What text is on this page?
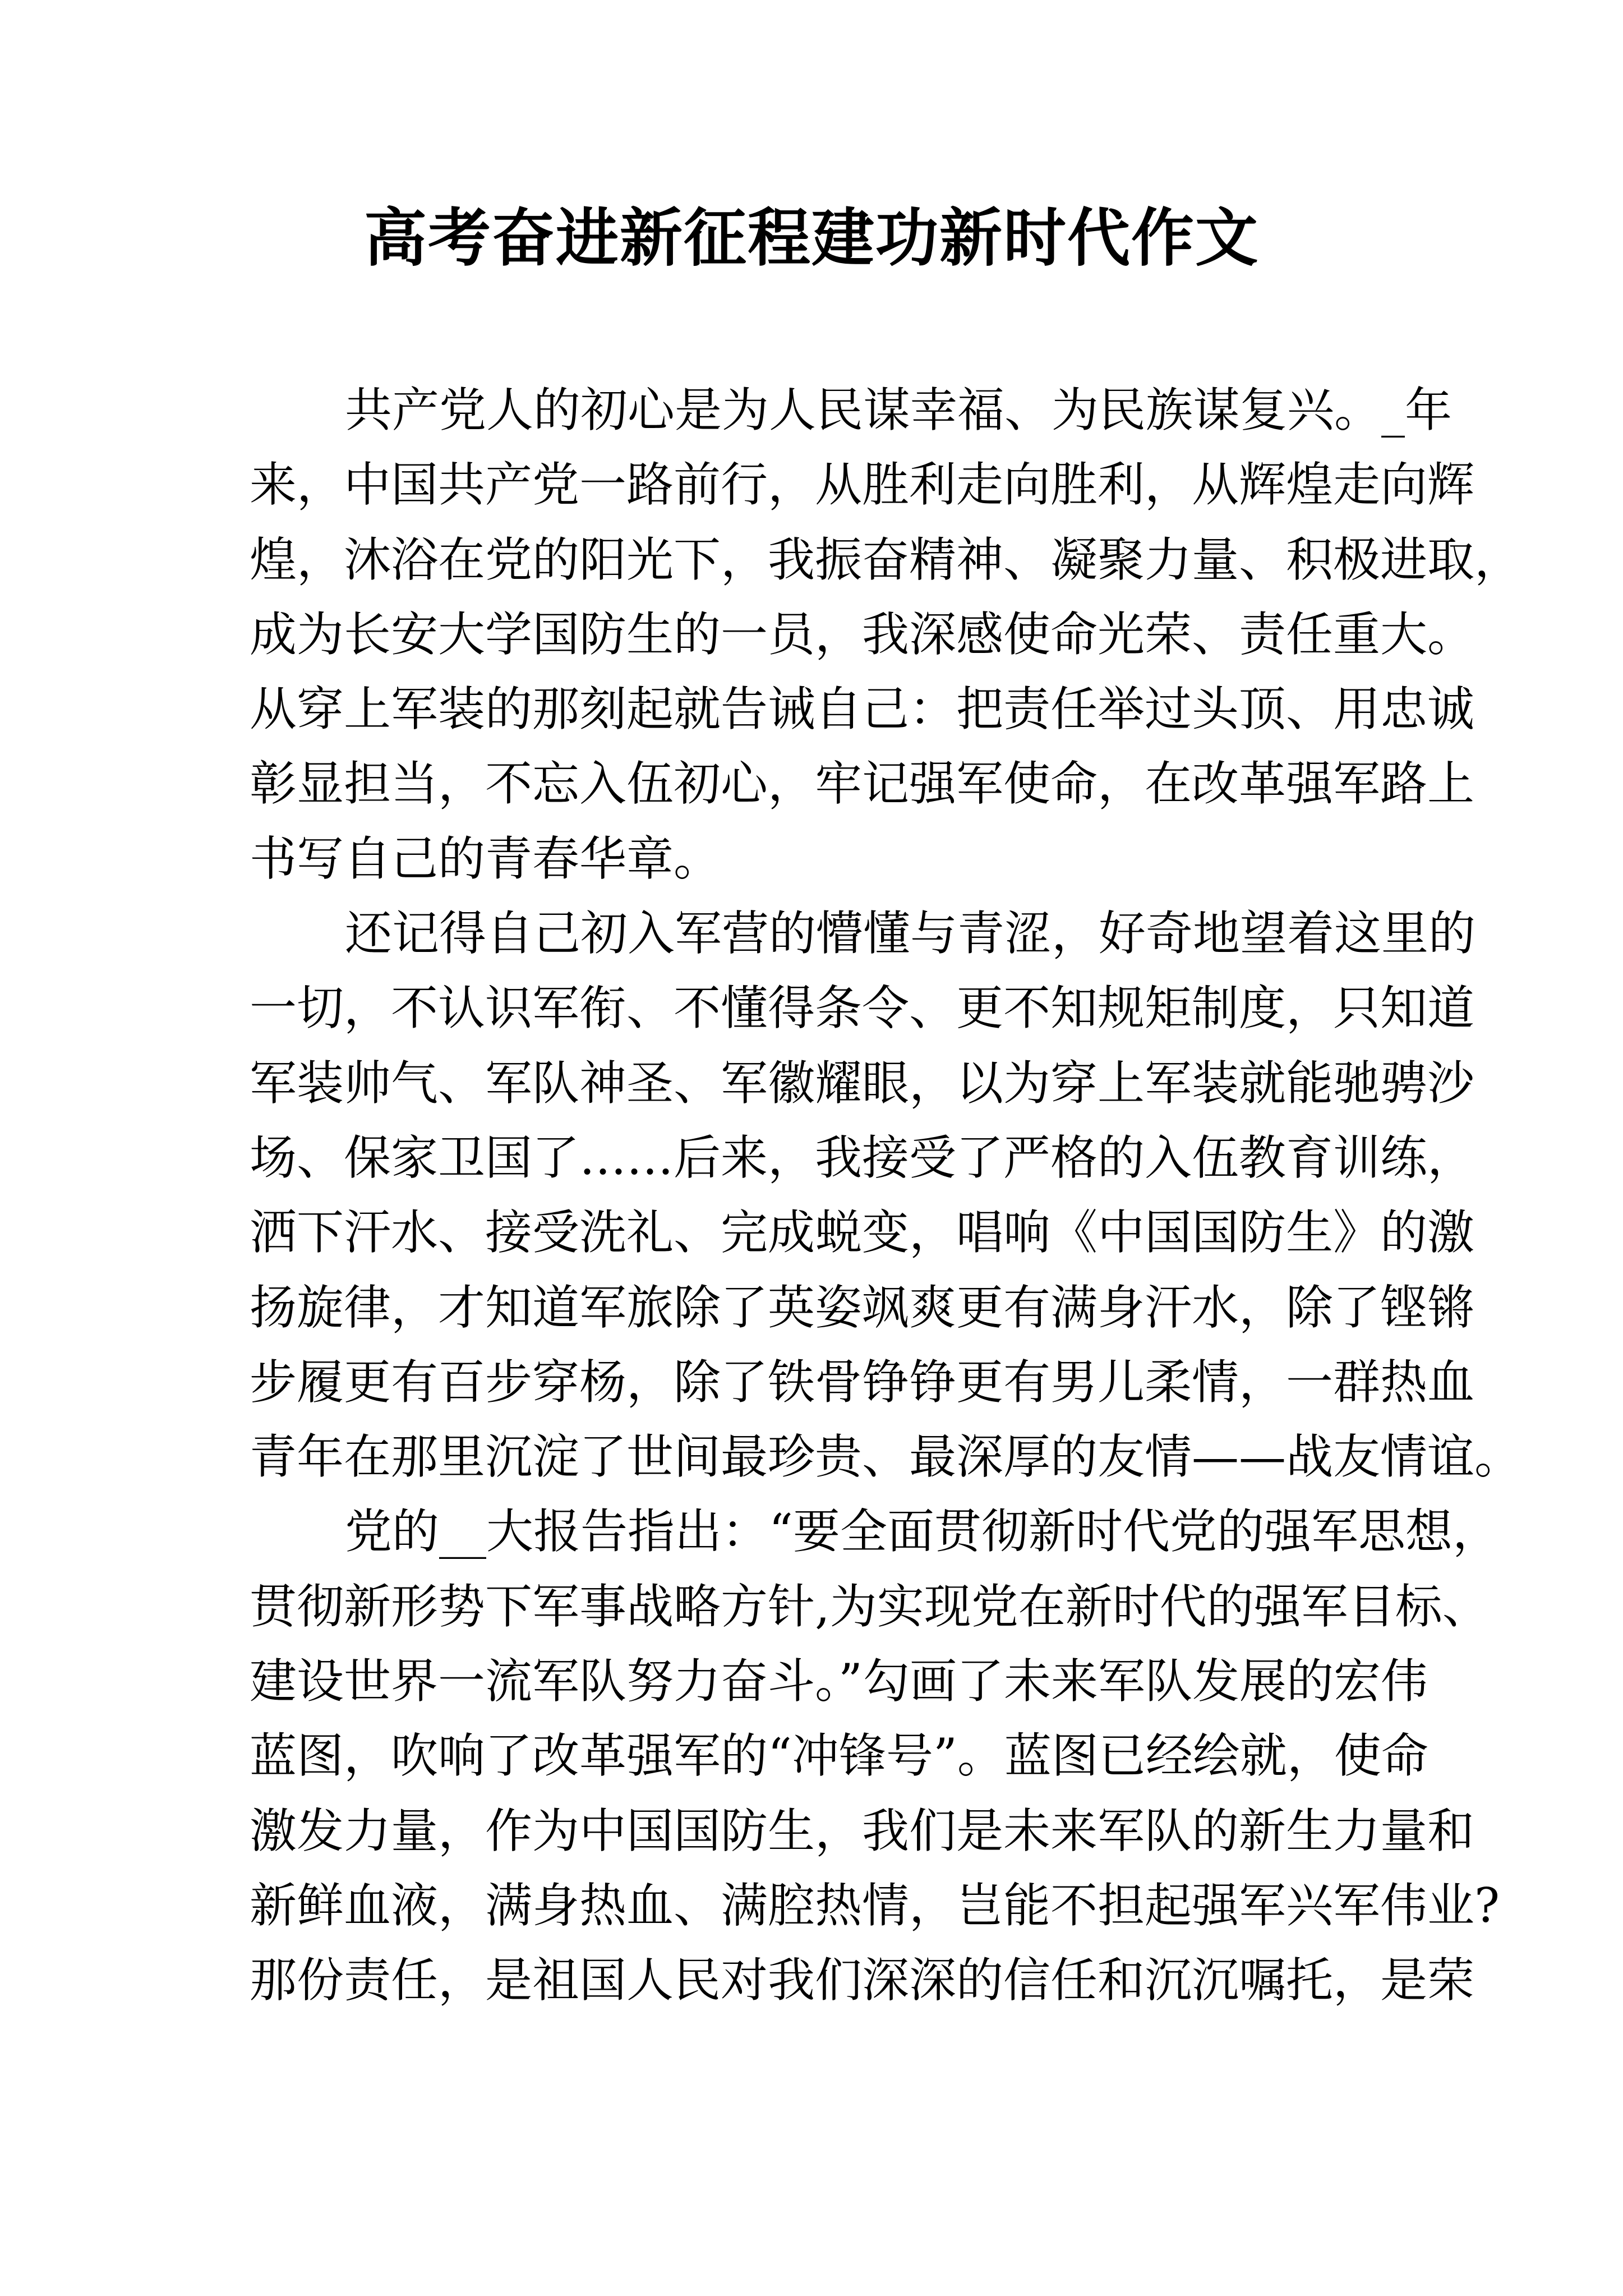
高考奋进新征程建功新时代作文
共产党人的初心是为人民谋幸福、为民族谋复兴。_年
来，中国共产党一路前行，从胜利走向胜利，从辉煌走向辉
煌，沐浴在党的阳光下，我振奋精神、凝聚力量、积极进取，
成为长安大学国防生的一员，我深感使命光荣、责任重大。
从穿上军装的那刻起就告诫自己：把责任举过头顶、用忠诚
彰显担当，不忘入伍初心，牢记强军使命，在改革强军路上
书写自己的青春华章。
还记得自己初入军营的懵懂与青涩，好奇地望着这里的
一切，不认识军衔、不懂得条令、更不知规矩制度，只知道
军装帅气、军队神圣、军徽耀眼，以为穿上军装就能驰骋沙
场、保家卫国了……后来，我接受了严格的入伍教育训练，
洒下汗水、接受洗礼、完成蜕变，唱响《中国国防生》的激
扬旋律，才知道军旅除了英姿飒爽更有满身汗水，除了铿锵
步履更有百步穿杨，除了铁骨铮铮更有男儿柔情，一群热血
青年在那里沉淀了世间最珍贵、最深厚的友情——战友情谊。
党的__大报告指出：“要全面贯彻新时代党的强军思想，
贯彻新形势下军事战略方针,为实现党在新时代的强军目标、
建设世界一流军队努力奋斗。”勾画了未来军队发展的宏伟
蓝图，吹响了改革强军的“冲锋号”。蓝图已经绘就，使命
激发力量，作为中国国防生，我们是未来军队的新生力量和
新鲜血液，满身热血、满腔热情，岂能不担起强军兴军伟业?
那份责任，是祖国人民对我们深深的信任和沉沉嘱托，是荣
